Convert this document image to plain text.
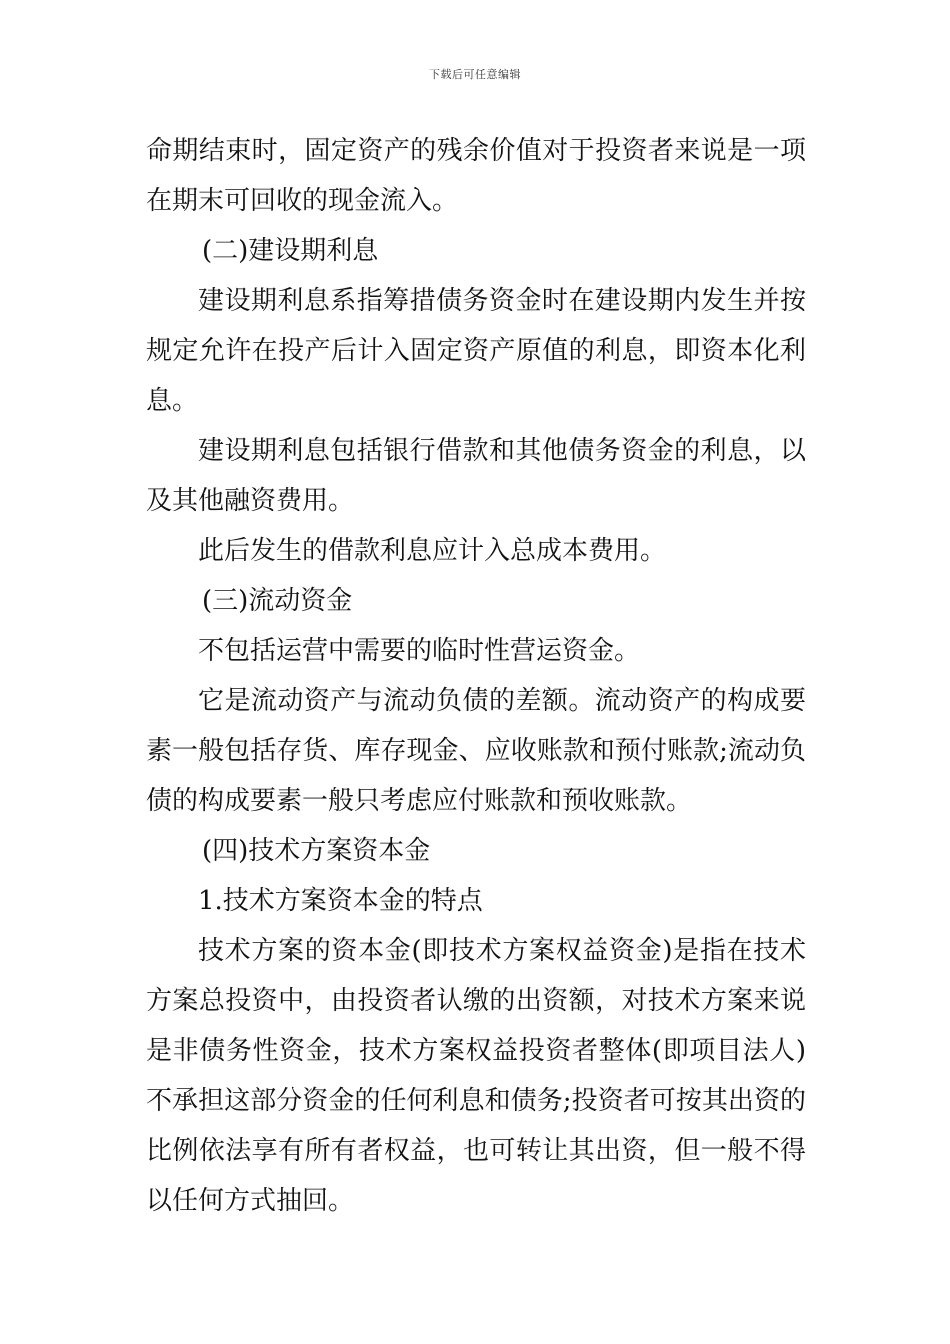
下载后可任意编辑

命期结束时，固定资产的残余价值对于投资者来说是一项在期末可回收的现金流入。

(二)建设期利息

建设期利息系指筹措债务资金时在建设期内发生并按规定允许在投产后计入固定资产原值的利息，即资本化利息。

建设期利息包括银行借款和其他债务资金的利息，以及其他融资费用。

此后发生的借款利息应计入总成本费用。

(三)流动资金

不包括运营中需要的临时性营运资金。

它是流动资产与流动负债的差额。流动资产的构成要素一般包括存货、库存现金、应收账款和预付账款;流动负债的构成要素一般只考虑应付账款和预收账款。

(四)技术方案资本金

1.技术方案资本金的特点

技术方案的资本金(即技术方案权益资金)是指在技术方案总投资中，由投资者认缴的出资额，对技术方案来说是非债务性资金，技术方案权益投资者整体(即项目法人)不承担这部分资金的任何利息和债务;投资者可按其出资的比例依法享有所有者权益，也可转让其出资，但一般不得以任何方式抽回。
